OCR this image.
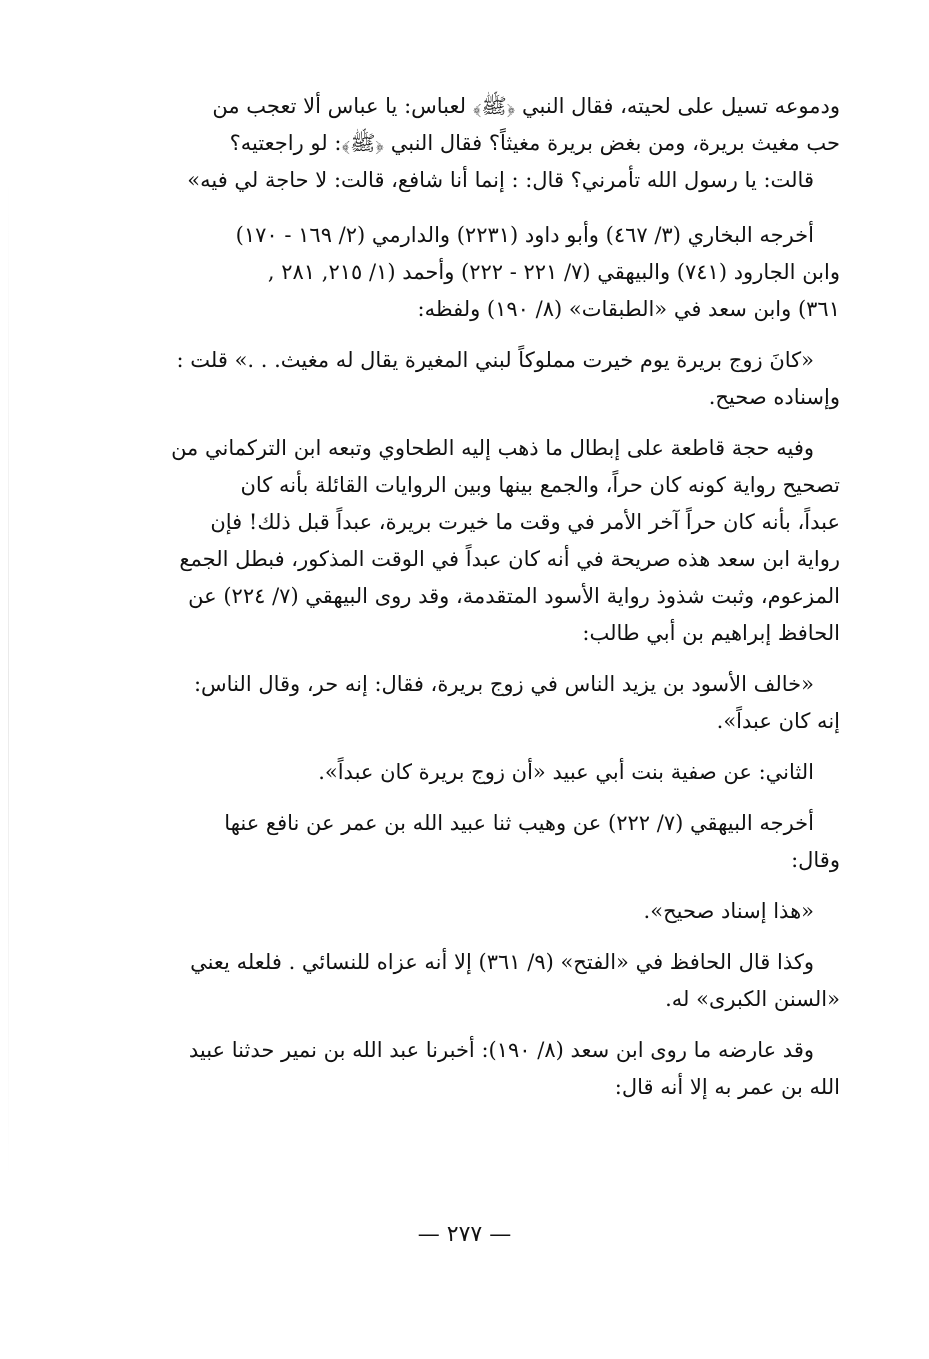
ودموعه تسيل على لحيته، فقال النبي ﴿ﷺ﴾ لعباس: يا عباس ألا تعجب من
حب مغيث بريرة، ومن بغض بريرة مغيثاً؟ فقال النبي ﴿ﷺ﴾: لو راجعتيه؟
قالت: يا رسول الله تأمرني؟ قال: : إنما أنا شافع، قالت: لا حاجة لي فيه»

أخرجه البخاري (٣/ ٤٦٧) وأبو داود (٢٢٣١) والدارمي (٢/ ١٦٩ - ١٧٠)
وابن الجارود (٧٤١) والبيهقي (٧/ ٢٢١ - ٢٢٢) وأحمد (١/ ٢١٥, ٢٨١ ,
٣٦١) وابن سعد في «الطبقات» (٨/ ١٩٠) ولفظه:

«كانَ زوج بريرة يوم خيرت مملوكاً لبني المغيرة يقال له مغيث. . .» قلت :
وإسناده صحيح.

وفيه حجة قاطعة على إبطال ما ذهب إليه الطحاوي وتبعه ابن التركماني من
تصحيح رواية كونه كان حراً، والجمع بينها وبين الروايات القائلة بأنه كان
عبداً، بأنه كان حراً آخر الأمر في وقت ما خيرت بريرة، عبداً قبل ذلك! فإن
رواية ابن سعد هذه صريحة في أنه كان عبداً في الوقت المذكور، فبطل الجمع
المزعوم، وثبت شذوذ رواية الأسود المتقدمة، وقد روى البيهقي (٧/ ٢٢٤) عن
الحافظ إبراهيم بن أبي طالب:

«خالف الأسود بن يزيد الناس في زوج بريرة، فقال: إنه حر، وقال الناس:
إنه كان عبداً».

الثاني: عن صفية بنت أبي عبيد «أن زوج بريرة كان عبداً».

أخرجه البيهقي (٧/ ٢٢٢) عن وهيب ثنا عبيد الله بن عمر عن نافع عنها
وقال:

«هذا إسناد صحيح».

وكذا قال الحافظ في «الفتح» (٩/ ٣٦١) إلا أنه عزاه للنسائي . فلعله يعني
«السنن الكبرى» له.

وقد عارضه ما روى ابن سعد (٨/ ١٩٠): أخبرنا عبد الله بن نمير حدثنا عبيد
الله بن عمر به إلا أنه قال:

— ٢٧٧ —
